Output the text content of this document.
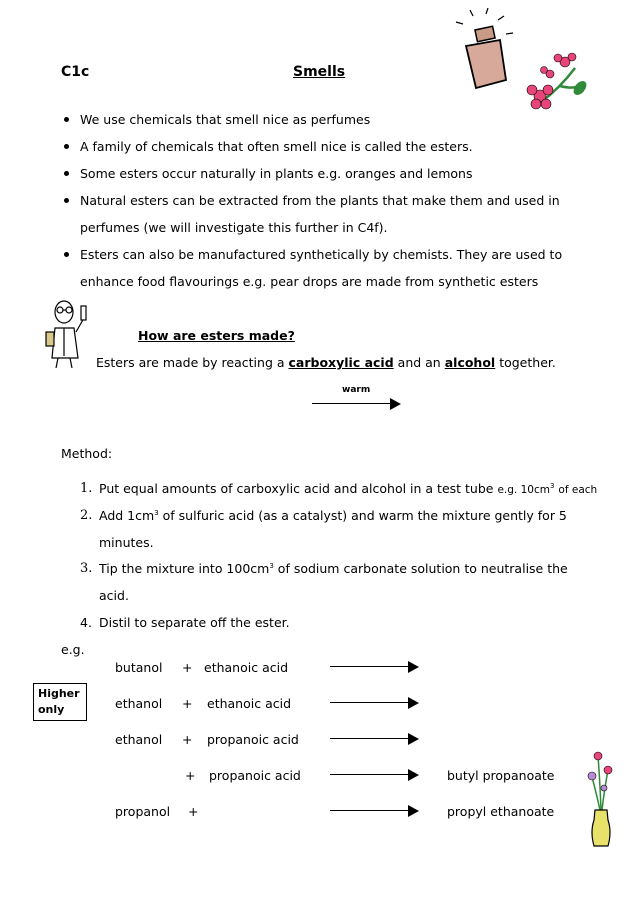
C1c	Smells
We use chemicals that smell nice as perfumes
A family of chemicals that often smell nice is called the esters.
Some esters occur naturally in plants e.g. oranges and lemons
Natural esters can be extracted from the plants that make them and used in
perfumes (we will investigate this further in C4f).
Esters can also be manufactured synthetically by chemists. They are used to
enhance food flavourings e.g. pear drops are made from synthetic esters
How are esters made?
Esters are made by reacting a carboxylic acid and an alcohol together.
warm
Method:
1. Put equal amounts of carboxylic acid and alcohol in a test tube e.g. $10cm^3$ of each
2. Add $1cm^3$ of sulfuric acid (as a catalyst) and warm the mixture gently for 5
minutes.
3. Tip the mixture into $100cm^3$ of sodium carbonate solution to neutralise the
acid.
4. Distil to separate off the ester.
e.g.
Higher only
butanol + ethanoic acid
ethanol + ethanoic acid
ethanol + propanoic acid
+ propanoic acid	butyl propanoate
propanol +	propyl ethanoate
